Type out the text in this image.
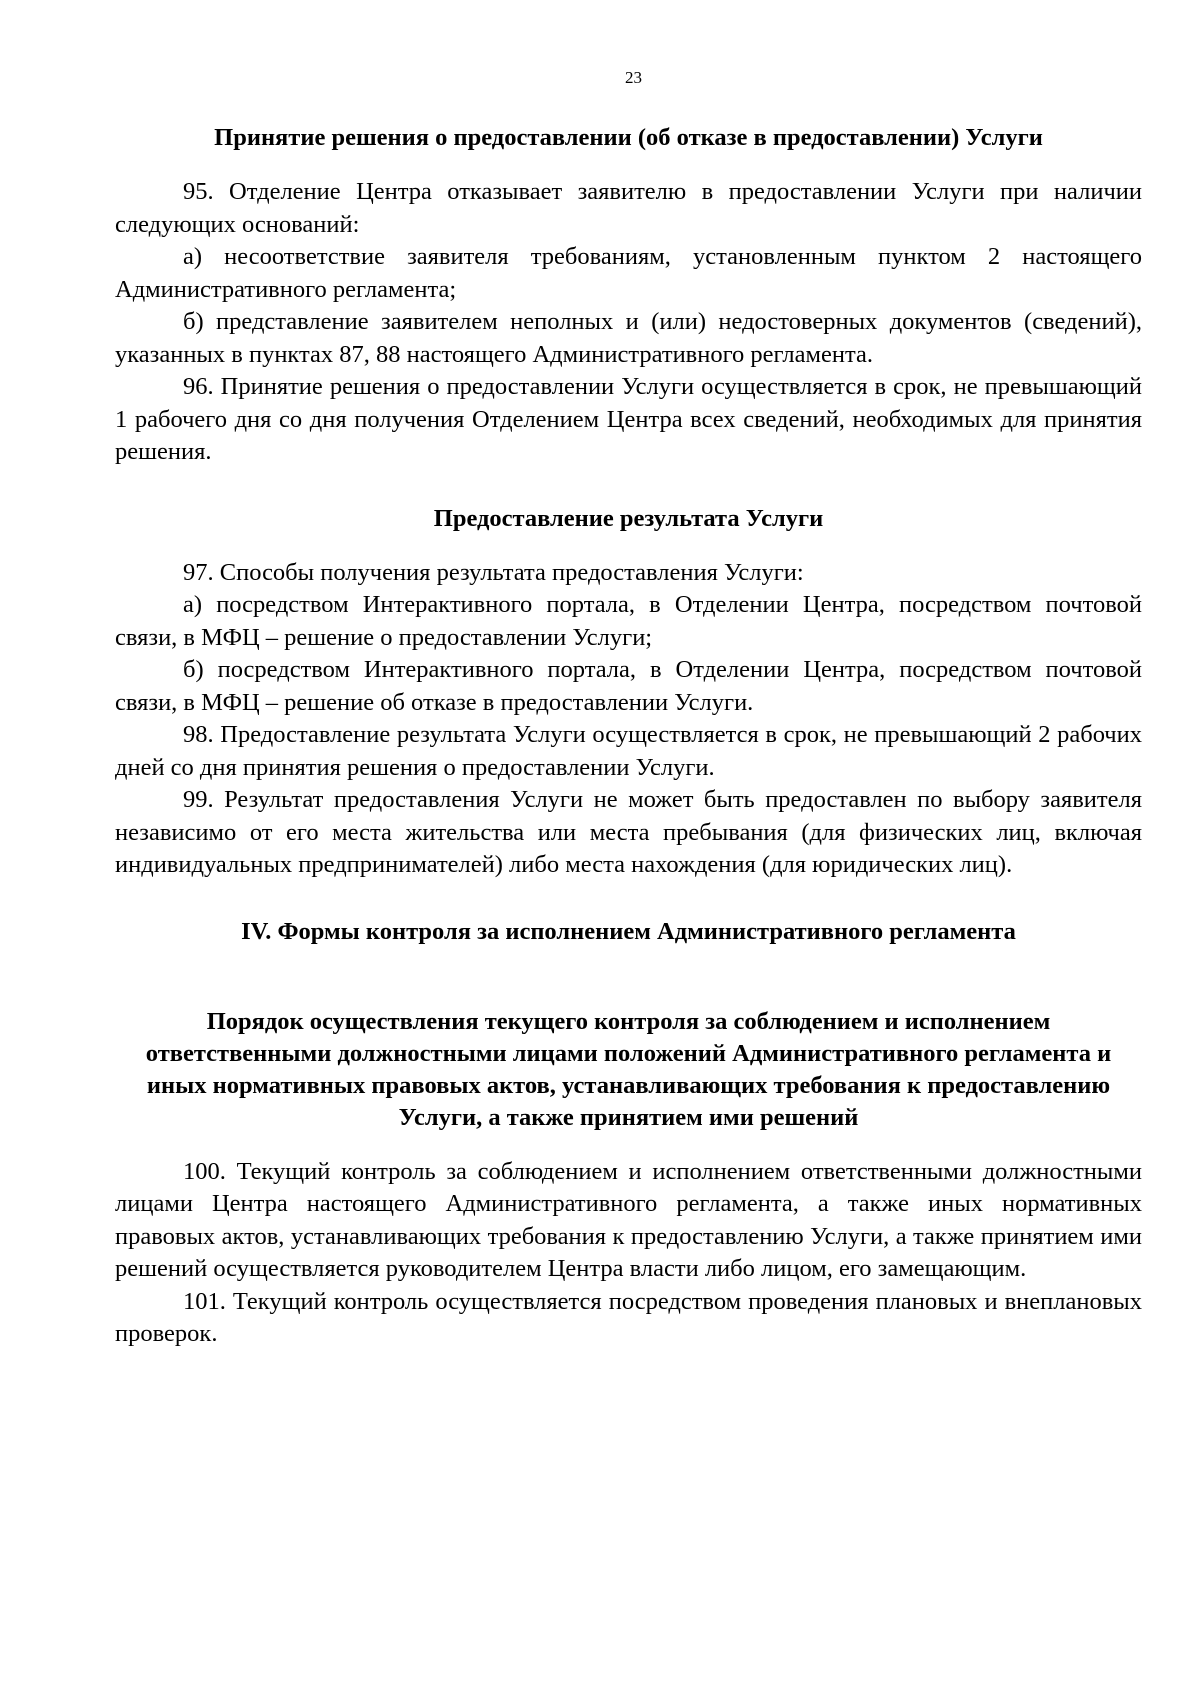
23
Принятие решения о предоставлении (об отказе в предоставлении) Услуги

95. Отделение Центра отказывает заявителю в предоставлении Услуги при наличии следующих оснований:

а) несоответствие заявителя требованиям, установленным пунктом 2 настоящего Административного регламента;

б) представление заявителем неполных и (или) недостоверных документов (сведений), указанных в пунктах 87, 88 настоящего Административного регламента.

96. Принятие решения о предоставлении Услуги осуществляется в срок, не превышающий 1 рабочего дня со дня получения Отделением Центра всех сведений, необходимых для принятия решения.

Предоставление результата Услуги

97. Способы получения результата предоставления Услуги:

а) посредством Интерактивного портала, в Отделении Центра, посредством почтовой связи, в МФЦ – решение о предоставлении Услуги;

б) посредством Интерактивного портала, в Отделении Центра, посредством почтовой связи, в МФЦ – решение об отказе в предоставлении Услуги.

98. Предоставление результата Услуги осуществляется в срок, не превышающий 2 рабочих дней со дня принятия решения о предоставлении Услуги.

99. Результат предоставления Услуги не может быть предоставлен по выбору заявителя независимо от его места жительства или места пребывания (для физических лиц, включая индивидуальных предпринимателей) либо места нахождения (для юридических лиц).

IV. Формы контроля за исполнением Административного регламента
Порядок осуществления текущего контроля за соблюдением и исполнением ответственными должностными лицами положений Административного регламента и иных нормативных правовых актов, устанавливающих требования к предоставлению Услуги, а также принятием ими решений

100. Текущий контроль за соблюдением и исполнением ответственными должностными лицами Центра настоящего Административного регламента, а также иных нормативных правовых актов, устанавливающих требования к предоставлению Услуги, а также принятием ими решений осуществляется руководителем Центра власти либо лицом, его замещающим.

101. Текущий контроль осуществляется посредством проведения плановых и внеплановых проверок.
